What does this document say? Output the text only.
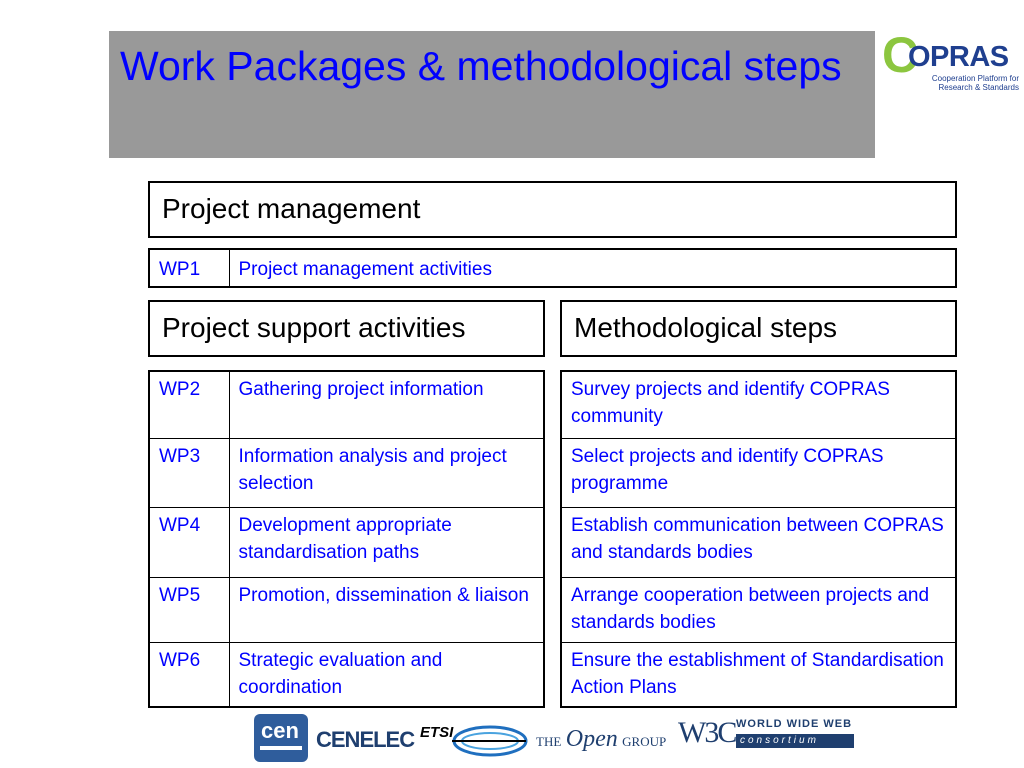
Work Packages & methodological steps C
OPRAS
Cooperation Platform for
Research & Standards
Project management
WP1	Project management activities
Project support activities	Methodological steps
WP2	Gathering project information
WP3	Information analysis and project selection
WP4	Development appropriate standardisation paths
WP5	Promotion, dissemination & liaison
WP6	Strategic evaluation and coordination
Survey projects and identify COPRAS community
Select projects and identify COPRAS programme
Establish communication between COPRAS and standards bodies
Arrange cooperation between projects and standards bodies
Ensure the establishment of Standardisation Action Plans
cen CENELEC ETSI
THE Open GROUP W3C WORLD WIDE WEB
consortium
